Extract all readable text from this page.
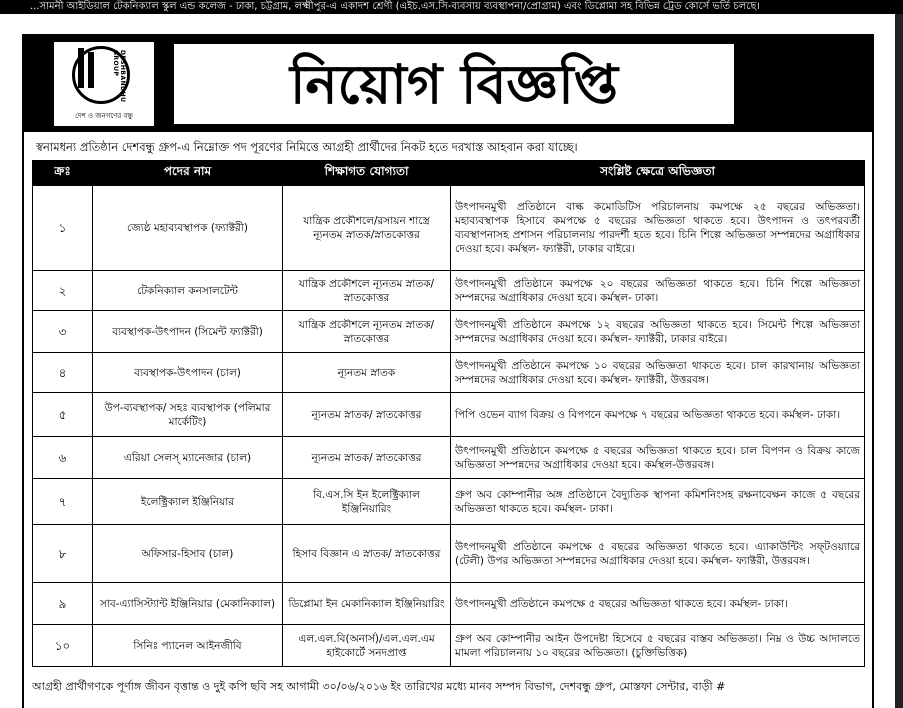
...সামনী আইডিয়াল টেকনিক্যাল স্কুল এন্ড কলেজ - ঢাকা, চট্টগ্রাম, লক্ষ্মীপুর-এ একাদশ শ্রেণী (এইচ.এস.সি-ব্যবসায় ব্যবস্থাপনা/প্রোগ্রাম) এবং ডিপ্লোমা সহ বিভিন্ন ট্রেড কোর্সে ভর্তি চলছে।
DESHBANDHU GROUP
দেশ ও জনগণের বন্ধু	নিয়োগ বিজ্ঞপ্তি
স্বনামধন্য প্রতিষ্ঠান দেশবন্ধু গ্রুপ-এ নিম্নোক্ত পদ পূরণের নিমিত্তে আগ্রহী প্রার্থীদের নিকট হতে দরখাস্ত আহবান করা যাচ্ছে।
ক্রঃ	পদের নাম	শিক্ষাগত যোগ্যতা	সংশ্লিষ্ট ক্ষেত্রে অভিজ্ঞতা
১	জ্যেষ্ঠ মহাব্যবস্থাপক (ফ্যাক্টরী)	যান্ত্রিক প্রকৌশলে/রসায়ন শাস্ত্রে ন্যূনতম স্নাতক/স্নাতকোত্তর	উৎপাদনমুখী প্রতিষ্ঠানে বাল্ক কমোডিটিস পরিচালনায় কমপক্ষে ২৫ বছরের অভিজ্ঞতা। মহাব্যবস্থাপক হিসাবে কমপক্ষে ৫ বছরের অভিজ্ঞতা থাকতে হবে। উৎপাদন ও তৎপরবর্তী ব্যবস্থাপনাসহ প্রশাসন পরিচালনায় পারদর্শী হতে হবে। চিনি শিল্পে অভিজ্ঞতা সম্পন্নদের অগ্রাধিকার দেওয়া হবে। কর্মস্থল- ফ্যাক্টরী, ঢাকার বাইরে।
২	টেকনিক্যাল কনসালটেন্ট	যান্ত্রিক প্রকৌশলে ন্যূনতম স্নাতক/ স্নাতকোত্তর	উৎপাদনমুখী প্রতিষ্ঠানে কমপক্ষে ২০ বছরের অভিজ্ঞতা থাকতে হবে। চিনি শিল্পে অভিজ্ঞতা সম্পন্নদের অগ্রাধিকার দেওয়া হবে। কর্মস্থল- ঢাকা।
৩	ব্যবস্থাপক-উৎপাদন (সিমেন্ট ফ্যাক্টরী)	যান্ত্রিক প্রকৌশলে ন্যূনতম স্নাতক/ স্নাতকোত্তর	উৎপাদনমুখী প্রতিষ্ঠানে কমপক্ষে ১২ বছরের অভিজ্ঞতা থাকতে হবে। সিমেন্ট শিল্পে অভিজ্ঞতা সম্পন্নদের অগ্রাধিকার দেওয়া হবে। কর্মস্থল- ফ্যাক্টরী, ঢাকার বাইরে।
৪	ব্যবস্থাপক-উৎপাদন (চাল)	ন্যূনতম স্নাতক	উৎপাদনমুখী প্রতিষ্ঠানে কমপক্ষে ১০ বছরের অভিজ্ঞতা থাকতে হবে। চাল কারখানায় অভিজ্ঞতা সম্পন্নদের অগ্রাধিকার দেওয়া হবে। কর্মস্থল- ফ্যাক্টরী, উত্তরবঙ্গ।
৫	উপ-ব্যবস্থাপক/ সহঃ ব্যবস্থাপক (পলিমার মার্কেটিং)	ন্যূনতম স্নাতক/ স্নাতকোত্তর	পিপি ওভেন ব্যাগ বিক্রয় ও বিপণনে কমপক্ষে ৭ বছরের অভিজ্ঞতা থাকতে হবে। কর্মস্থল- ঢাকা।
৬	এরিয়া সেলস্‌ ম্যানেজার (চাল)	ন্যূনতম স্নাতক/ স্নাতকোত্তর	উৎপাদনমুখী প্রতিষ্ঠানে কমপক্ষে ৫ বছরের অভিজ্ঞতা থাকতে হবে। চাল বিপণন ও বিক্রয় কাজে অভিজ্ঞতা সম্পন্নদের অগ্রাধিকার দেওয়া হবে। কর্মস্থল-উত্তরবঙ্গ।
৭	ইলেক্ট্রিক্যাল ইঞ্জিনিয়ার	বি.এস.সি ইন ইলেক্ট্রিক্যাল ইঞ্জিনিয়ারিং	গ্রুপ অব কোম্পানীর অঙ্গ প্রতিষ্ঠানে বৈদ্যুতিক স্থাপনা কমিশনিংসহ রক্ষনাবেক্ষন কাজে ৫ বছরের অভিজ্ঞতা থাকতে হবে। কর্মস্থল- ঢাকা।
৮	অফিসার-হিসাব (চাল)	হিসাব বিজ্ঞান এ স্নাতক/ স্নাতকোত্তর	উৎপাদনমুখী প্রতিষ্ঠানে কমপক্ষে ৫ বছরের অভিজ্ঞতা থাকতে হবে। এ্যাকাউন্টিং সফ্‌টওয়্যারে (টেলী) উপর অভিজ্ঞতা সম্পন্নদের অগ্রাধিকার দেওয়া হবে। কর্মস্থল- ফ্যাক্টরী, উত্তরবঙ্গ।
৯	সাব-এ্যাসিস্ট্যান্ট ইঞ্জিনিয়ার (মেকানিক্যাল)	ডিপ্লোমা ইন মেকানিক্যাল ইঞ্জিনিয়ারিং	উৎপাদনমুখী প্রতিষ্ঠানে কমপক্ষে ৫ বছরের অভিজ্ঞতা থাকতে হবে। কর্মস্থল- ঢাকা।
১০	সিনিঃ প্যানেল আইনজীবি	এল.এল.বি(অনার্স)/এল.এল.এম হাইকোর্টে সনদপ্রাপ্ত	গ্রুপ অব কোম্পানীর আইন উপদেষ্টা হিসেবে ৫ বছরের বাস্তব অভিজ্ঞতা। নিম্ন ও উচ্চ আদালতে মামলা পরিচালনায় ১০ বছরের অভিজ্ঞতা। (চুক্তিভিত্তিক)
আগ্রহী প্রার্থীগণকে পূর্ণাঙ্গ জীবন বৃত্তান্ত ও দুই কপি ছবি সহ আগামী ৩০/০৬/২০১৬ ইং তারিখের মধ্যে মানব সম্পদ বিভাগ, দেশবন্ধু গ্রুপ, মোস্তফা সেন্টার, বাড়ী #
